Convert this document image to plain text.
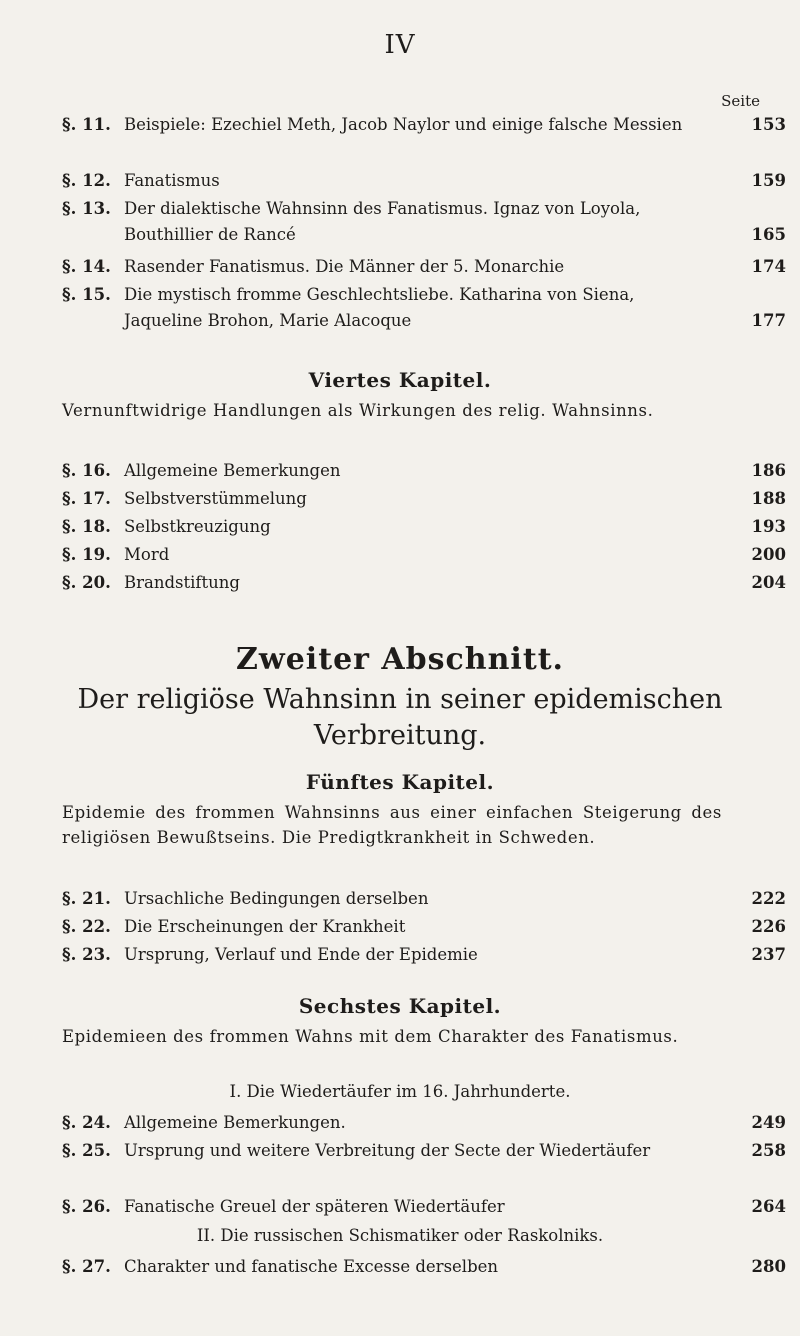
IV
Seite
§. 11. Beispiele: Ezechiel Meth, Jacob Naylor und einige falsche Messien	153
§. 12. Fanatismus	159
§. 13. Der dialektische Wahnsinn des Fanatismus. Ignaz von Loyola, Bouthillier de Rancé	165
§. 14. Rasender Fanatismus. Die Männer der 5. Monarchie	174
§. 15. Die mystisch fromme Geschlechtsliebe. Katharina von Siena, Jaqueline Brohon, Marie Alacoque	177
Viertes Kapitel.
Vernunftwidrige Handlungen als Wirkungen des relig. Wahnsinns.
§. 16. Allgemeine Bemerkungen	186
§. 17. Selbstverstümmelung	188
§. 18. Selbstkreuzigung	193
§. 19. Mord	200
§. 20. Brandstiftung	204
Zweiter Abschnitt.
Der religiöse Wahnsinn in seiner epidemischen
Verbreitung.
Fünftes Kapitel.
Epidemie des frommen Wahnsinns aus einer einfachen Steigerung des religiösen Bewußtseins. Die Predigtkrankheit in Schweden.
§. 21. Ursachliche Bedingungen derselben	222
§. 22. Die Erscheinungen der Krankheit	226
§. 23. Ursprung, Verlauf und Ende der Epidemie	237
Sechstes Kapitel.
Epidemieen des frommen Wahns mit dem Charakter des Fanatismus.
I. Die Wiedertäufer im 16. Jahrhunderte.
§. 24. Allgemeine Bemerkungen.	249
§. 25. Ursprung und weitere Verbreitung der Secte der Wiedertäufer	258
§. 26. Fanatische Greuel der späteren Wiedertäufer	264
II. Die russischen Schismatiker oder Raskolniks.
§. 27. Charakter und fanatische Excesse derselben	280
